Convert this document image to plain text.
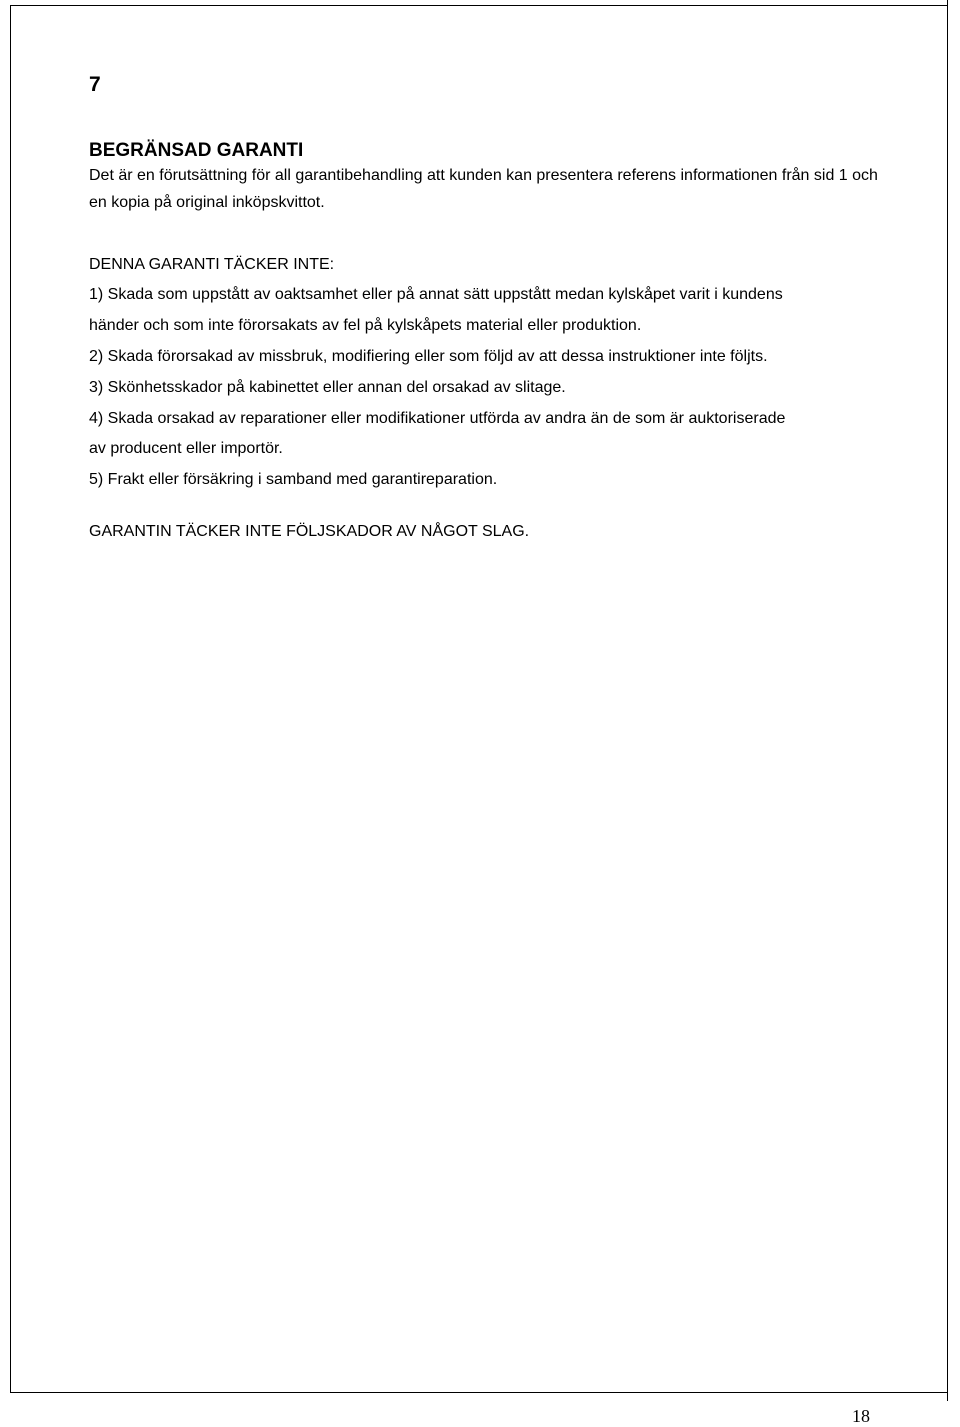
7

BEGRÄNSAD GARANTI

Det är en förutsättning för all garantibehandling att kunden kan presentera referens informationen från sid 1 och en kopia på original inköpskvittot.

DENNA GARANTI TÄCKER INTE:

1) Skada som uppstått av oaktsamhet eller på annat sätt uppstått medan kylskåpet varit i kundens

händer och som inte förorsakats av fel på kylskåpets material eller produktion.

2) Skada förorsakad av missbruk, modifiering eller som följd av att dessa instruktioner inte följts.

3) Skönhetsskador på kabinettet eller annan del orsakad av slitage.

4) Skada orsakad av reparationer eller modifikationer utförda av andra än de som är auktoriserade

av producent eller importör.

5) Frakt eller försäkring i samband med garantireparation.

GARANTIN TÄCKER INTE FÖLJSKADOR AV NÅGOT SLAG.

18
